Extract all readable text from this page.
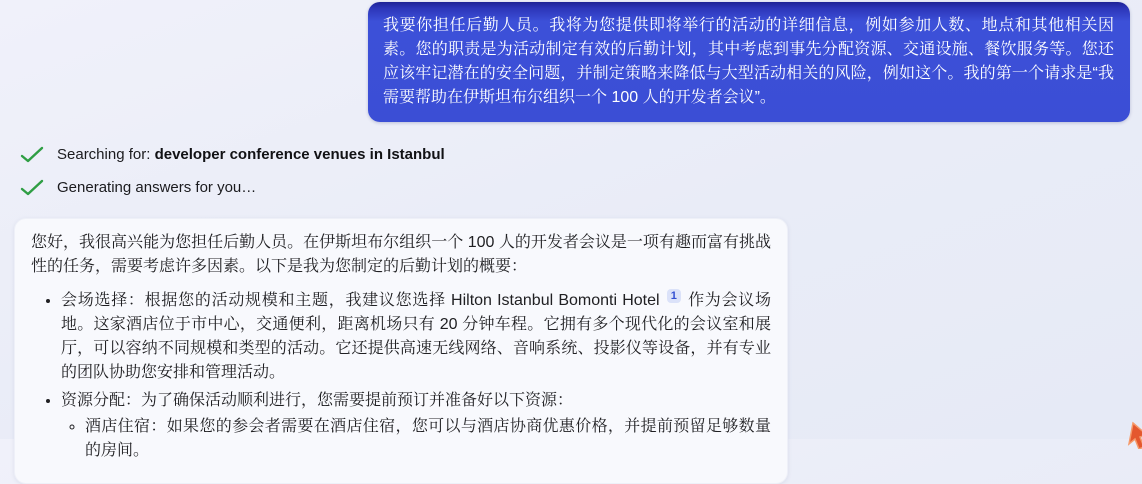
我要你担任后勤人员。我将为您提供即将举行的活动的详细信息，例如参加人数、地点和其他相关因素。您的职责是为活动制定有效的后勤计划，其中考虑到事先分配资源、交通设施、餐饮服务等。您还应该牢记潜在的安全问题，并制定策略来降低与大型活动相关的风险，例如这个。我的第一个请求是“我需要帮助在伊斯坦布尔组织一个 100 人的开发者会议”。
Searching for: developer conference venues in Istanbul
Generating answers for you…

您好，我很高兴能为您担任后勤人员。在伊斯坦布尔组织一个 100 人的开发者会议是一项有趣而富有挑战性的任务，需要考虑许多因素。以下是我为您制定的后勤计划的概要：

• 会场选择：根据您的活动规模和主题，我建议您选择 Hilton Istanbul Bomonti Hotel 1 作为会议场地。这家酒店位于市中心，交通便利，距离机场只有 20 分钟车程。它拥有多个现代化的会议室和展厅，可以容纳不同规模和类型的活动。它还提供高速无线网络、音响系统、投影仪等设备，并有专业的团队协助您安排和管理活动。
• 资源分配：为了确保活动顺利进行，您需要提前预订并准备好以下资源：
◦ 酒店住宿：如果您的参会者需要在酒店住宿，您可以与酒店协商优惠价格，并提前预留足够数量的房间。
